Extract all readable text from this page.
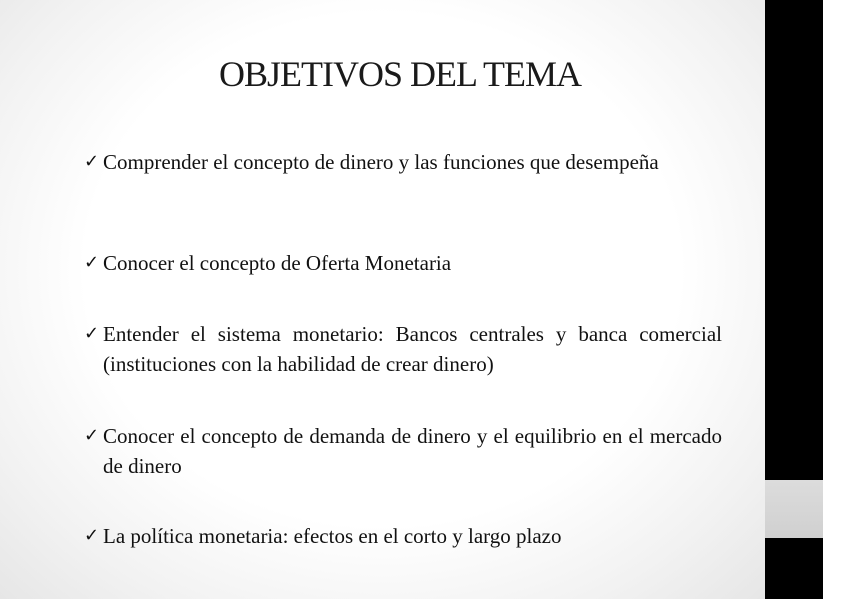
OBJETIVOS DEL TEMA
✓ Comprender el concepto de dinero y las funciones que desempeña
✓ Conocer el concepto de Oferta Monetaria
✓ Entender el sistema monetario: Bancos centrales y banca comercial (instituciones con la habilidad de crear dinero)
✓ Conocer el concepto de demanda de dinero y el equilibrio en el mercado de dinero
✓ La política monetaria: efectos en el corto y largo plazo
